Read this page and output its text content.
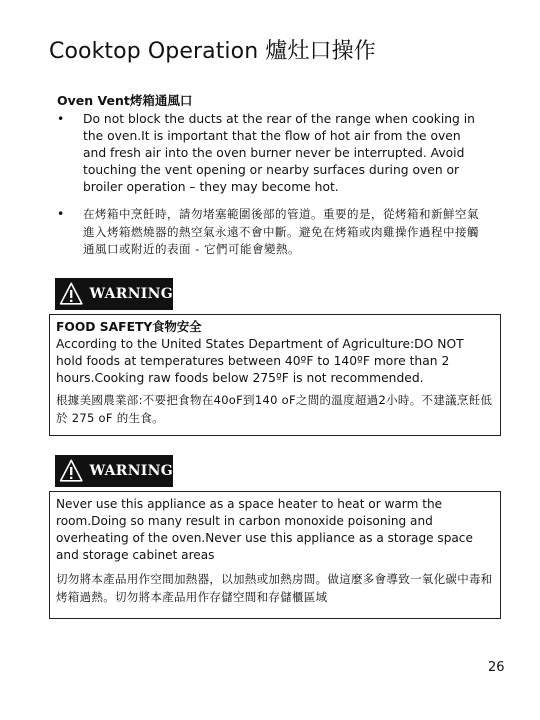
Cooktop Operation 爐灶口操作
Oven Vent烤箱通風口
• Do not block the ducts at the rear of the range when cooking in the oven.It is important that the flow of hot air from the oven and fresh air into the oven burner never be interrupted. Avoid touching the vent opening or nearby surfaces during oven or broiler operation – they may become hot.
• 在烤箱中烹飪時，請勿堵塞範圍後部的管道。重要的是，從烤箱和新鮮空氣進入烤箱燃燒器的熱空氣永遠不會中斷。避免在烤箱或肉雞操作過程中接觸通風口或附近的表面 - 它們可能會變熱。
WARNING
FOOD SAFETY食物安全
According to the United States Department of Agriculture:DO NOT hold foods at temperatures between 40ºF to 140ºF more than 2 hours.Cooking raw foods below 275ºF is not recommended.
根據美國農業部:不要把食物在40oF到140 oF之間的溫度超過2小時。不建議烹飪低於 275 oF 的生食。
WARNING
Never use this appliance as a space heater to heat or warm the room.Doing so many result in carbon monoxide poisoning and overheating of the oven.Never use this appliance as a storage space and storage cabinet areas
切勿將本產品用作空間加熱器，以加熱或加熱房間。做這麼多會導致一氧化碳中毒和烤箱過熱。切勿將本產品用作存儲空間和存儲櫃區域
26
